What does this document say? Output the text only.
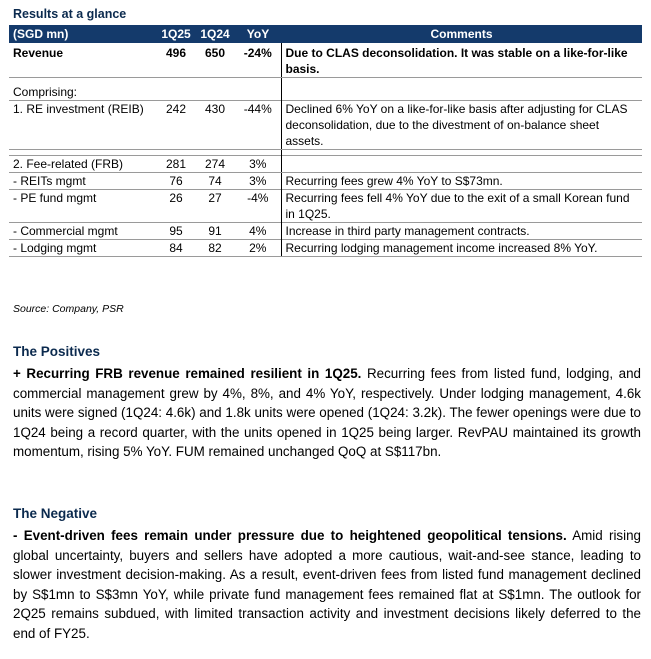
Results at a glance
(SGD mn)	1Q25	1Q24	YoY	Comments
Revenue	496	650	-24%	Due to CLAS deconsolidation. It was stable on a like-for-like basis.

Comprising:				
1. RE investment (REIB)	242	430	-44%	Declined 6% YoY on a like-for-like basis after adjusting for CLAS deconsolidation, due to the divestment of on-balance sheet assets.

2. Fee-related (FRB)	281	274	3%	
- REITs mgmt	76	74	3%	Recurring fees grew 4% YoY to S$73mn.
- PE fund mgmt	26	27	-4%	Recurring fees fell 4% YoY due to the exit of a small Korean fund in 1Q25.
- Commercial mgmt	95	91	4%	Increase in third party management contracts.
- Lodging mgmt	84	82	2%	Recurring lodging management income increased 8% YoY.
Source: Company, PSR
The Positives

+ Recurring FRB revenue remained resilient in 1Q25. Recurring fees from listed fund, lodging, and commercial management grew by 4%, 8%, and 4% YoY, respectively. Under lodging management, 4.6k units were signed (1Q24: 4.6k) and 1.8k units were opened (1Q24: 3.2k). The fewer openings were due to 1Q24 being a record quarter, with the units opened in 1Q25 being larger. RevPAU maintained its growth momentum, rising 5% YoY. FUM remained unchanged QoQ at S$117bn.

The Negative

- Event-driven fees remain under pressure due to heightened geopolitical tensions. Amid rising global uncertainty, buyers and sellers have adopted a more cautious, wait-and-see stance, leading to slower investment decision-making. As a result, event-driven fees from listed fund management declined by S$1mn to S$3mn YoY, while private fund management fees remained flat at S$1mn. The outlook for 2Q25 remains subdued, with limited transaction activity and investment decisions likely deferred to the end of FY25.
